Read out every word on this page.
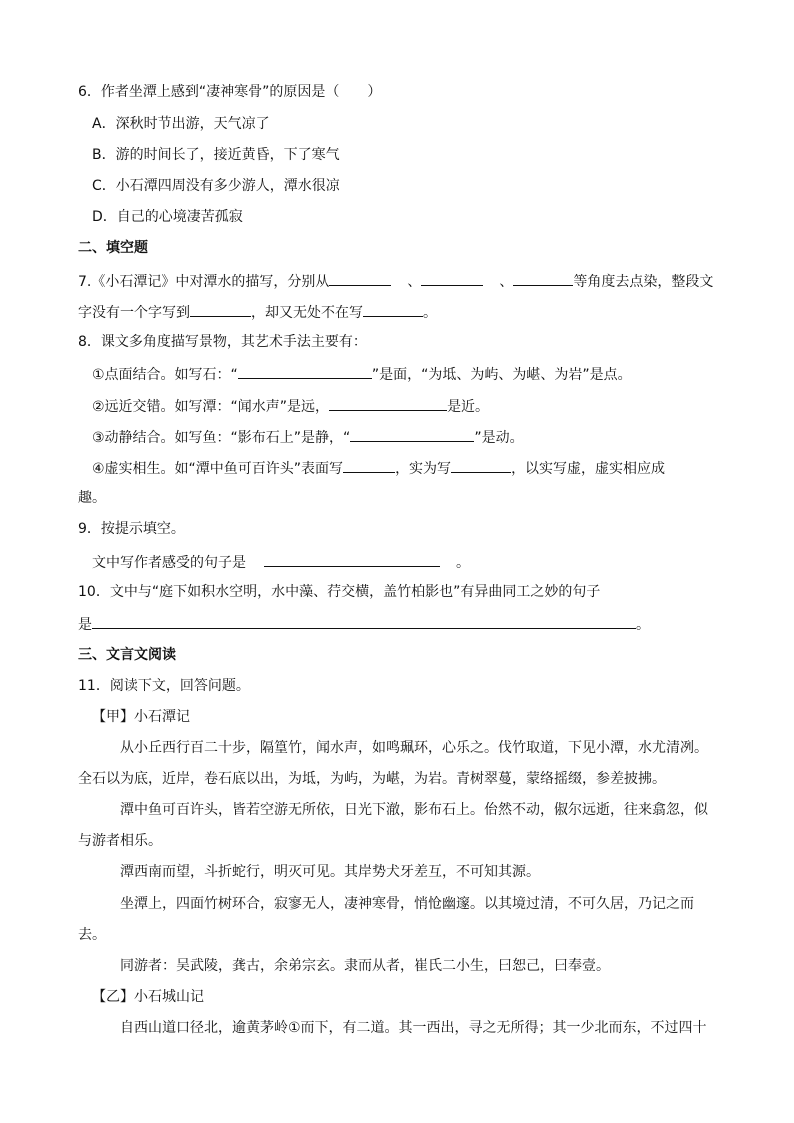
6．作者坐潭上感到“凄神寒骨”的原因是（　　）
A．深秋时节出游，天气凉了
B．游的时间长了，接近黄昏，下了寒气
C．小石潭四周没有多少游人，潭水很凉
D．自己的心境凄苦孤寂
二、填空题
7.《小石潭记》中对潭水的描写，分别从	、	、	等角度去点染，整段文
字没有一个字写到	，却又无处不在写	。
8．课文多角度描写景物，其艺术手法主要有：
①点面结合。如写石：“	”是面，“为坻、为屿、为嵁、为岩”是点。
②远近交错。如写潭：“闻水声”是远，	是近。
③动静结合。如写鱼：“影布石上”是静，“	”是动。
④虚实相生。如“潭中鱼可百许头”表面写	，实为写	，以实写虚，虚实相应成
趣。
9．按提示填空。
文中写作者感受的句子是	。
10．文中与“庭下如积水空明，水中藻、荇交横，盖竹柏影也”有异曲同工之妙的句子
是	。
三、文言文阅读
11．阅读下文，回答问题。
【甲】小石潭记
从小丘西行百二十步，隔篁竹，闻水声，如鸣珮环，心乐之。伐竹取道，下见小潭，水尤清冽。
全石以为底，近岸，卷石底以出，为坻，为屿，为嵁，为岩。青树翠蔓，蒙络摇缀，参差披拂。
潭中鱼可百许头，皆若空游无所依，日光下澈，影布石上。佁然不动，俶尔远逝，往来翕忽，似
与游者相乐。
潭西南而望，斗折蛇行，明灭可见。其岸势犬牙差互，不可知其源。
坐潭上，四面竹树环合，寂寥无人，凄神寒骨，悄怆幽邃。以其境过清，不可久居，乃记之而
去。
同游者：吴武陵，龚古，余弟宗玄。隶而从者，崔氏二小生，曰恕己，曰奉壹。
【乙】小石城山记
自西山道口径北，逾黄茅岭①而下，有二道。其一西出，寻之无所得；其一少北而东，不过四十
